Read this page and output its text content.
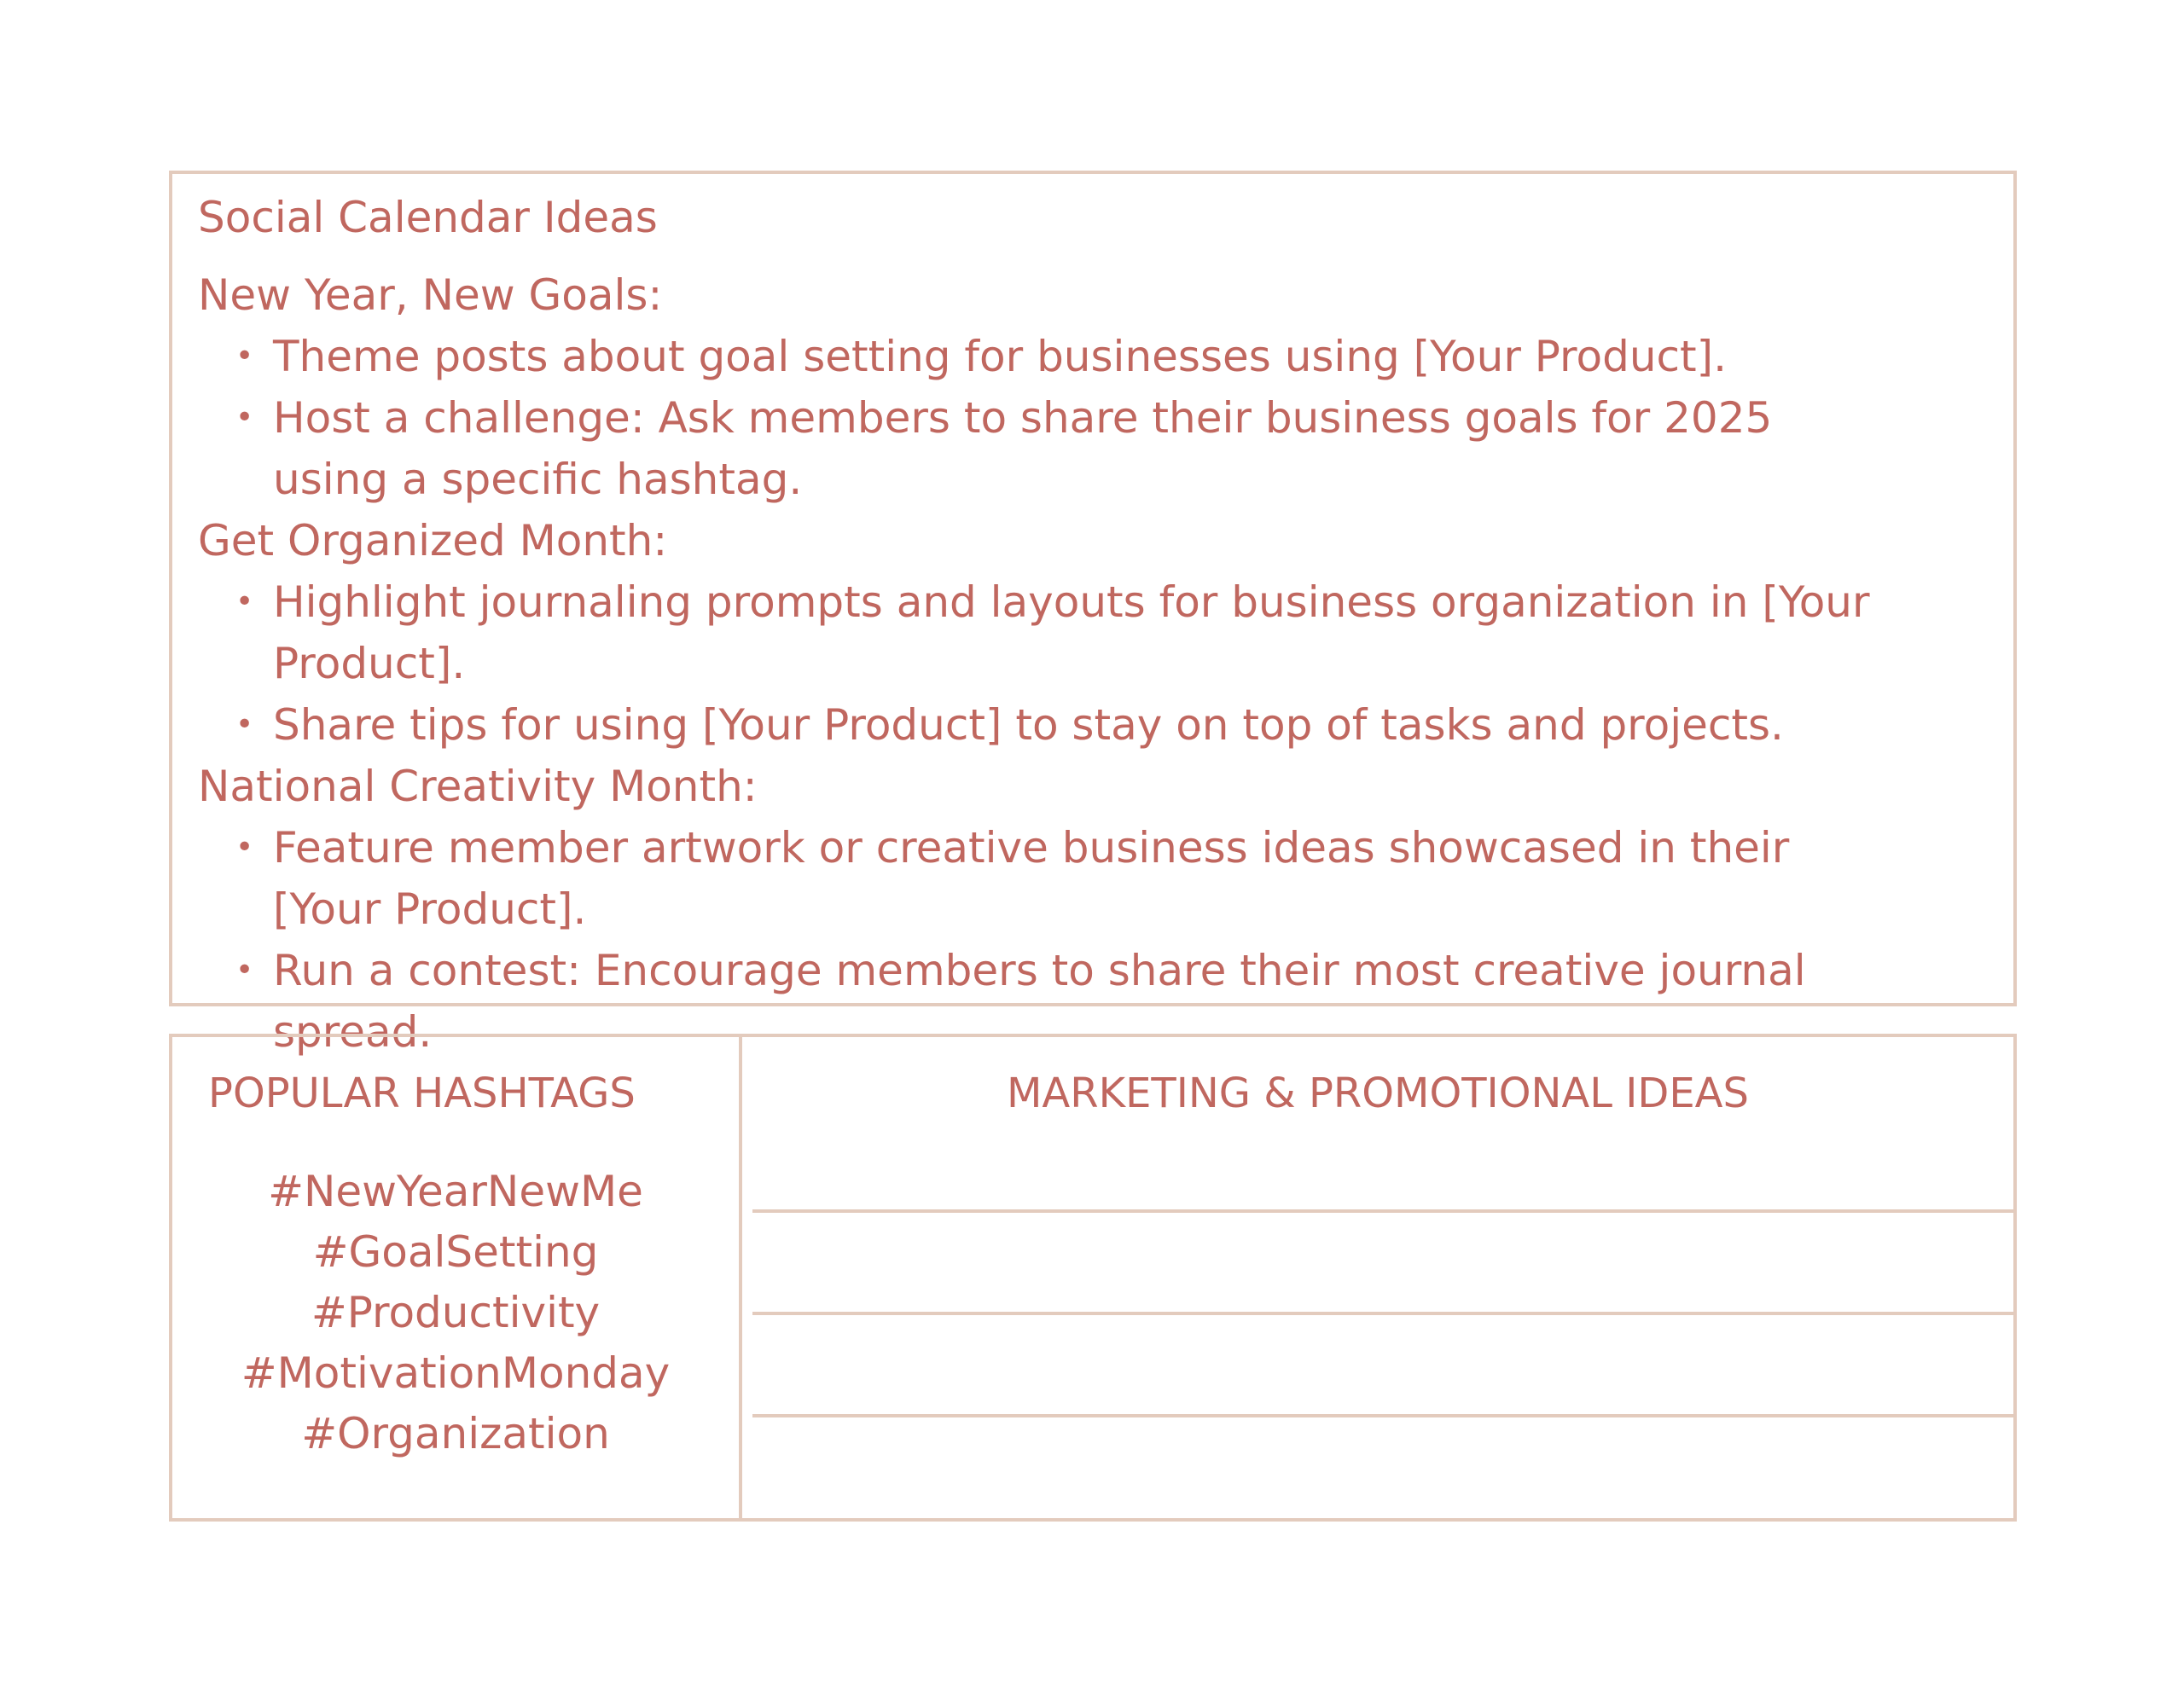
Social Calendar Ideas
New Year, New Goals:
• Theme posts about goal setting for businesses using [Your Product].
• Host a challenge: Ask members to share their business goals for 2025 using a specific hashtag.
Get Organized Month:
• Highlight journaling prompts and layouts for business organization in [Your Product].
• Share tips for using [Your Product] to stay on top of tasks and projects.
National Creativity Month:
• Feature member artwork or creative business ideas showcased in their [Your Product].
• Run a contest: Encourage members to share their most creative journal spread.
POPULAR HASHTAGS
#NewYearNewMe
#GoalSetting
#Productivity
#MotivationMonday
#Organization
MARKETING & PROMOTIONAL IDEAS
